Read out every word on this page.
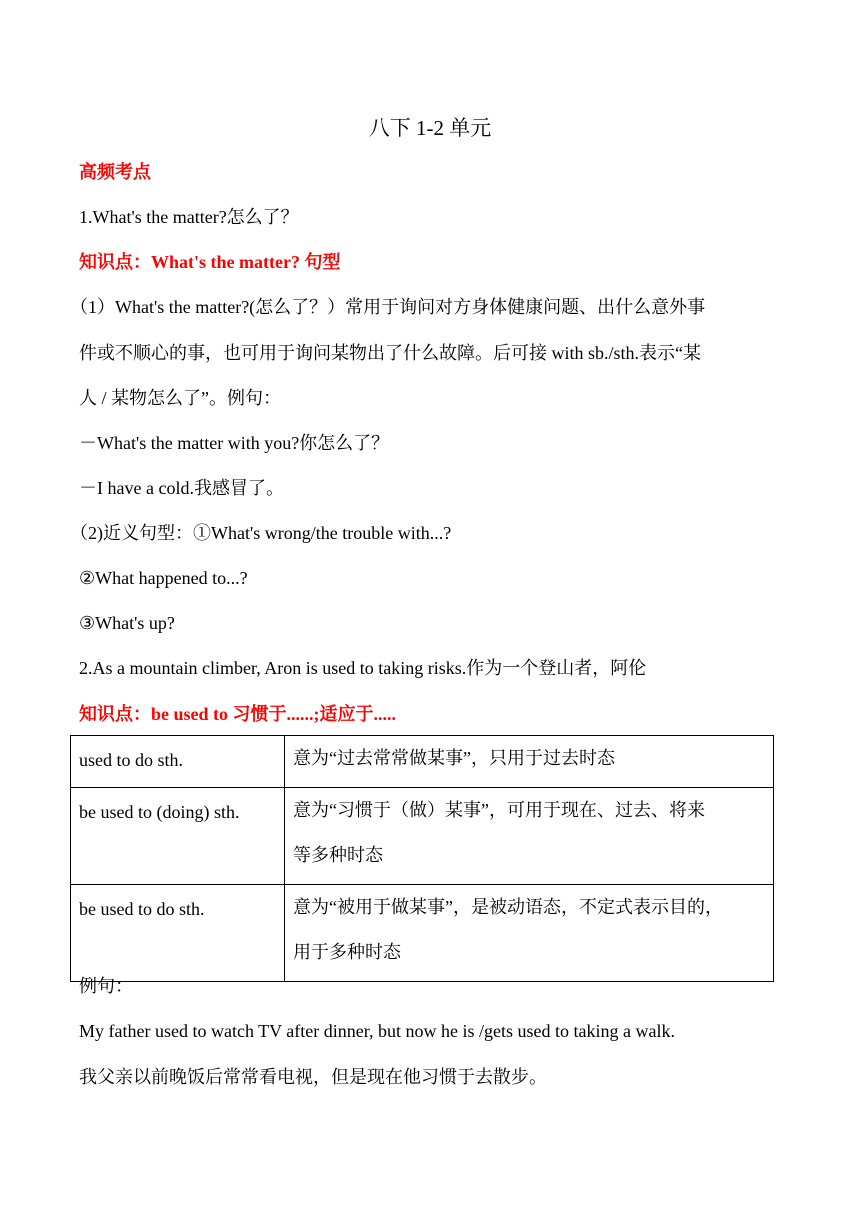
八下 1-2 单元
高频考点
1.What's the matter?怎么了？
知识点：What's the matter? 句型
（1）What's the matter?(怎么了？）常用于询问对方身体健康问题、出什么意外事
件或不顺心的事，也可用于询问某物出了什么故障。后可接 with sb./sth.表示“某
人 / 某物怎么了”。例句：
－What's the matter with you?你怎么了？
－I have a cold.我感冒了。
（2)近义句型：①What's wrong/the trouble with...?
②What happened to...?
③What's up?
2.As a mountain climber, Aron is used to taking risks.作为一个登山者，阿伦
知识点：be used to 习惯于......;适应于.....
used to do sth.	意为“过去常常做某事”，只用于过去时态

be used to (doing) sth.	意为“习惯于（做）某事”，可用于现在、过去、将来
等多种时态

be used to do sth.	意为“被用于做某事”，是被动语态，不定式表示目的，
用于多种时态
例句：
My father used to watch TV after dinner, but now he is /gets used to taking a walk.
我父亲以前晚饭后常常看电视，但是现在他习惯于去散步。
